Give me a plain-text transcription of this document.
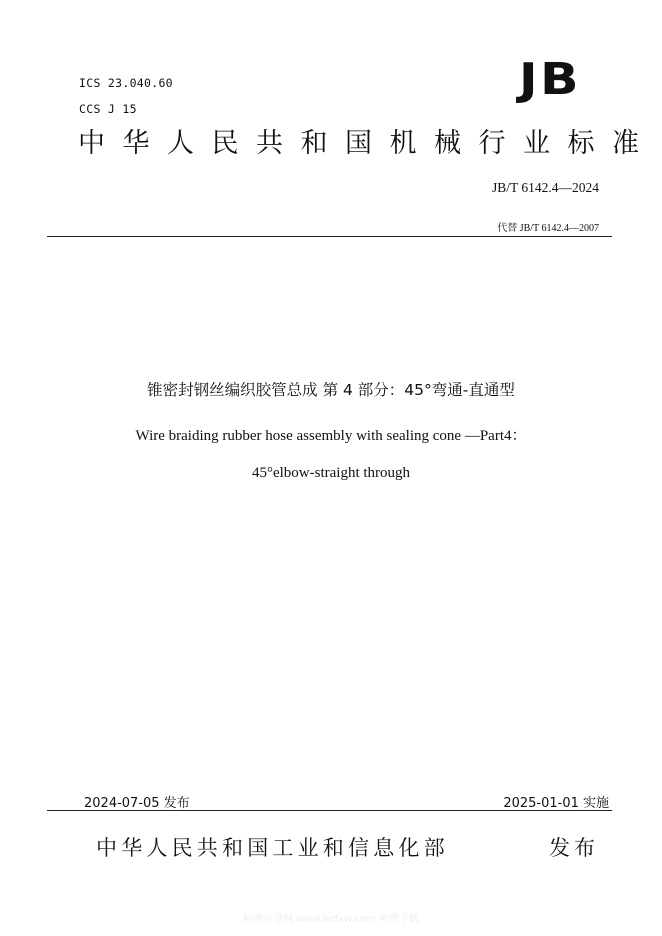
ICS 23.040.60
CCS J 15
JB
中华人民共和国机械行业标准
JB/T 6142.4—2024
代替 JB/T 6142.4—2007
锥密封钢丝编织胶管总成 第 4 部分：45°弯通-直通型
Wire braiding rubber hose assembly with sealing cone —Part4：
45°elbow-straight through
2024-07-05 发布	2025-01-01 实施
中华人民共和国工业和信息化部	发布
标准分享网 www.bzfxw.com 免费下载
